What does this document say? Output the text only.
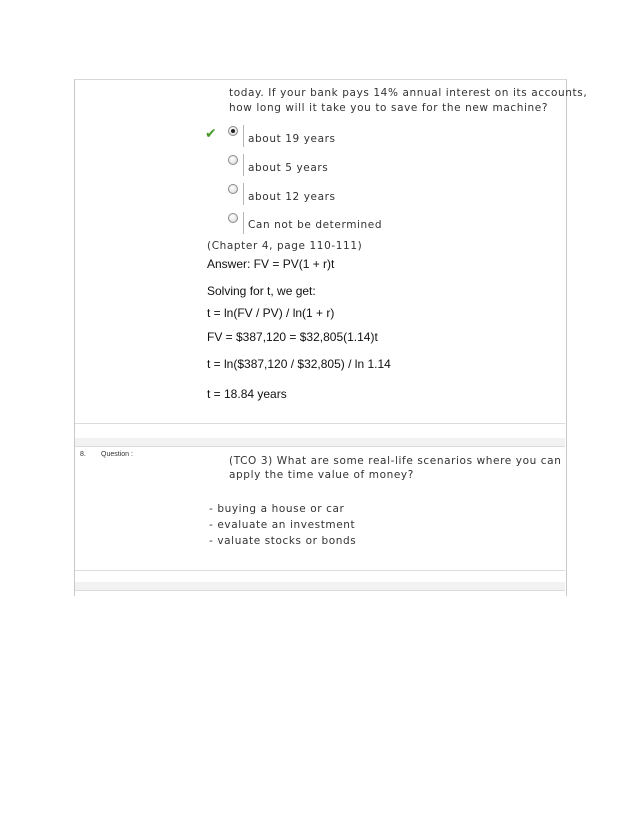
today. If your bank pays 14% annual interest on its accounts,
how long will it take you to save for the new machine?
✔	about 19 years
about 5 years
about 12 years
Can not be determined
(Chapter 4, page 110-111)
Answer: FV = PV(1 + r)t
Solving for t, we get:
t = ln(FV / PV) / ln(1 + r)
FV = $387,120 = $32,805(1.14)t
t = ln($387,120 / $32,805) / ln 1.14
t = 18.84 years
8. Question :
(TCO 3) What are some real-life scenarios where you can
apply the time value of money?
- buying a house or car
- evaluate an investment
- valuate stocks or bonds
